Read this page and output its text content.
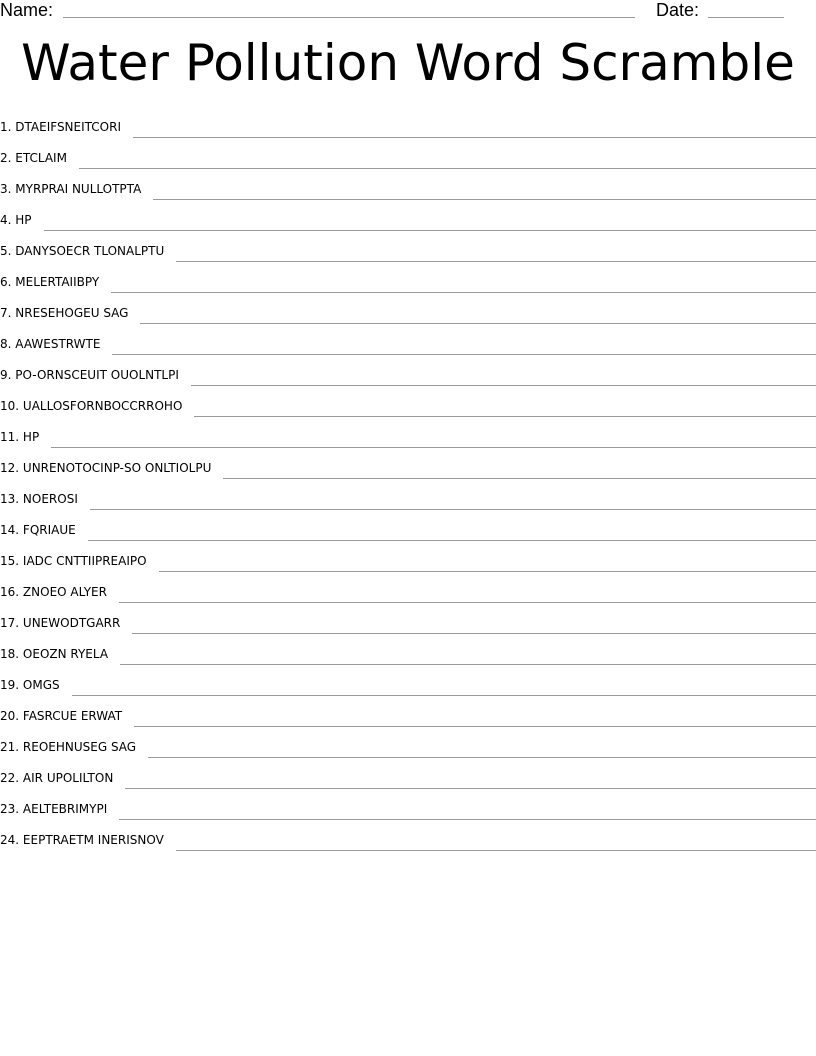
Name:	Date:
Water Pollution Word Scramble
1.
DTAEIFSNEITCORI
2.
ETCLAIM
3.
MYRPRAI NULLOTPTA
4.
HP
5.
DANYSOECR TLONALPTU
6.
MELERTAIIBPY
7.
NRESEHOGEU SAG
8.
AAWESTRWTE
9.
PO-ORNSCEUIT OUOLNTLPI
10.
UALLOSFORNBOCCRROHO
11.
HP
12.
UNRENOTOCINP-SO ONLTIOLPU
13.
NOEROSI
14.
FQRIAUE
15.
IADC CNTTIIPREAIPO
16.
ZNOEO ALYER
17.
UNEWODTGARR
18.
OEOZN RYELA
19.
OMGS
20.
FASRCUE ERWAT
21.
REOEHNUSEG SAG
22.
AIR UPOLILTON
23.
AELTEBRIMYPI
24.
EEPTRAETM INERISNOV
